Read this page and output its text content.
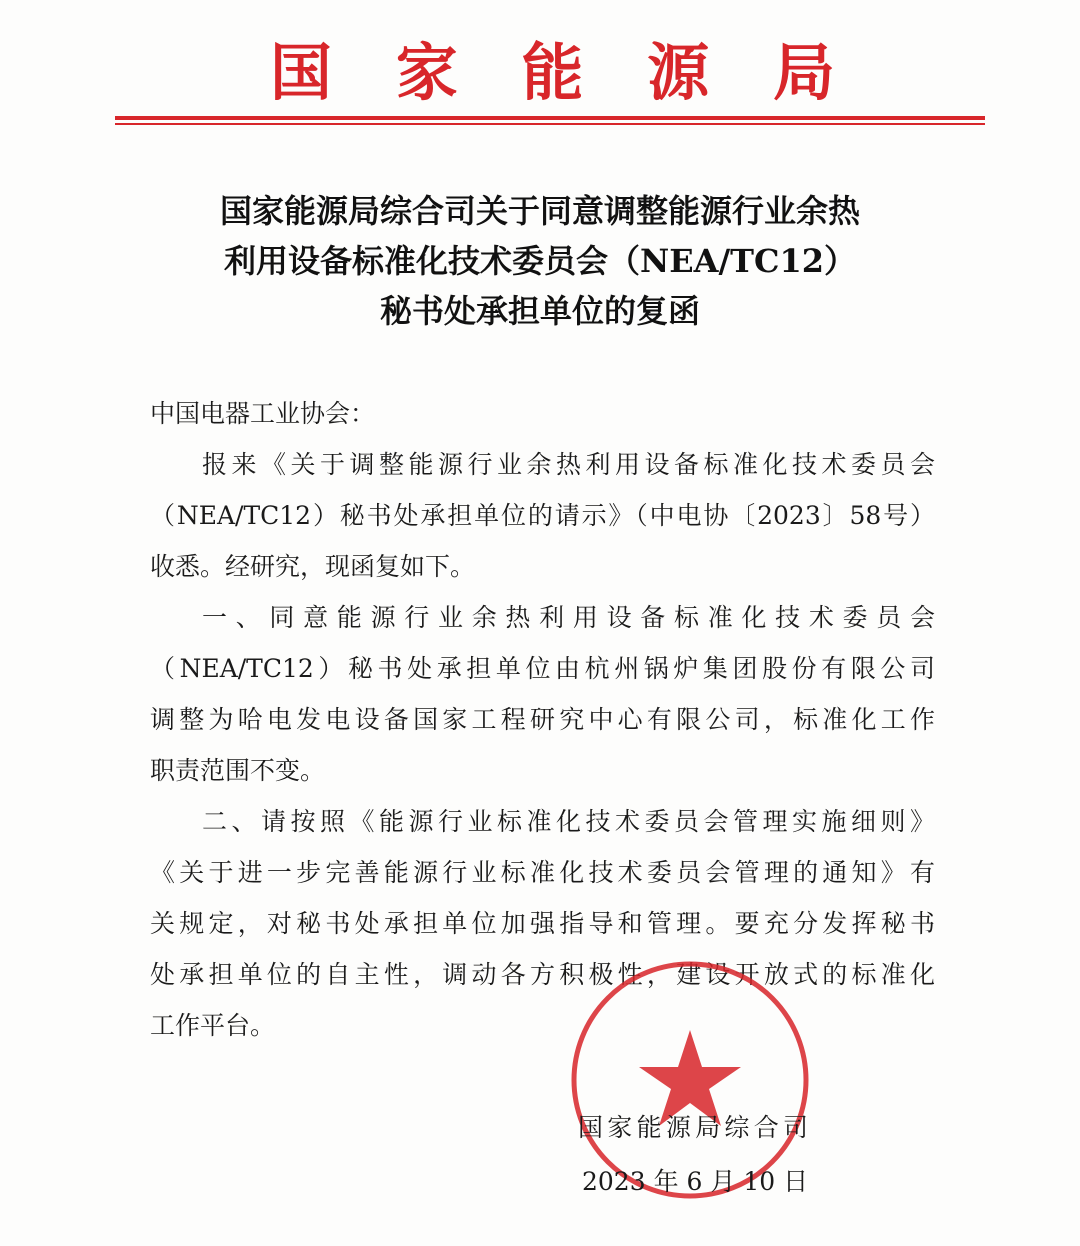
国家能源局
国家能源局综合司关于同意调整能源行业余热
利用设备标准化技术委员会（NEA/TC12）
秘书处承担单位的复函
中国电器工业协会：
报来《关于调整能源行业余热利用设备标准化技术委员会
（NEA/TC12）秘书处承担单位的请示》（中电协〔2023〕58号）
收悉。经研究，现函复如下。
一、同意能源行业余热利用设备标准化技术委员会
（NEA/TC12）秘书处承担单位由杭州锅炉集团股份有限公司
调整为哈电发电设备国家工程研究中心有限公司，标准化工作
职责范围不变。
二、请按照《能源行业标准化技术委员会管理实施细则》
《关于进一步完善能源行业标准化技术委员会管理的通知》有
关规定，对秘书处承担单位加强指导和管理。要充分发挥秘书
处承担单位的自主性，调动各方积极性，建设开放式的标准化
工作平台。
国家能源局综合司
2023 年 6 月 10 日
